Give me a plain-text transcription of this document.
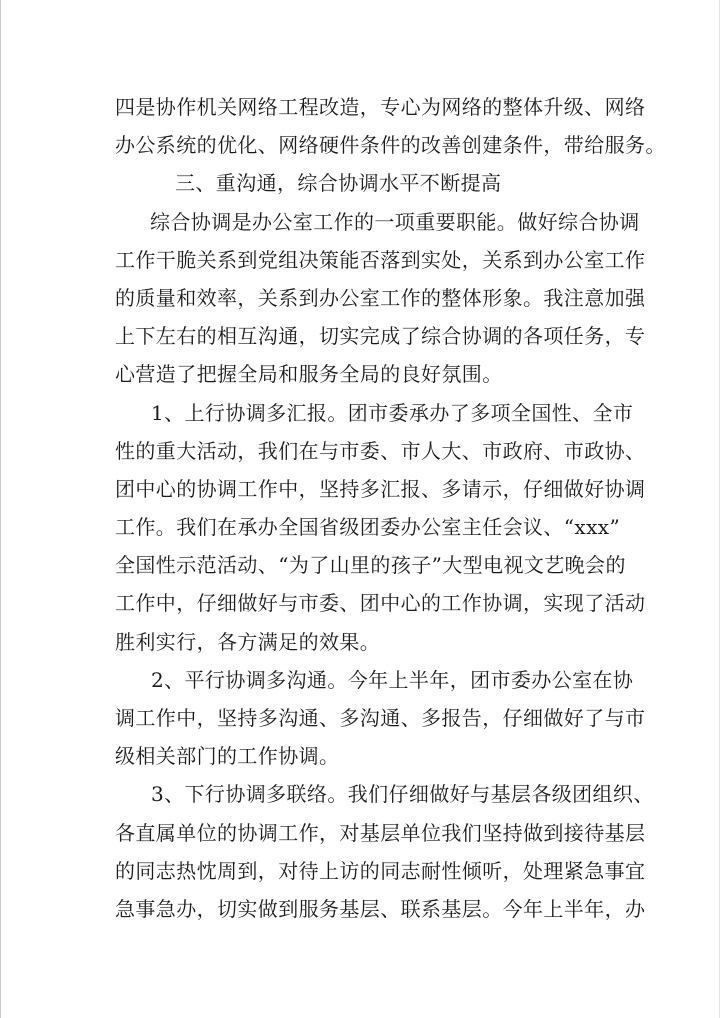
四是协作机关网络工程改造，专心为网络的整体升级、网络
办公系统的优化、网络硬件条件的改善创建条件，带给服务。
三、重沟通，综合协调水平不断提高
综合协调是办公室工作的一项重要职能。做好综合协调
工作干脆关系到党组决策能否落到实处，关系到办公室工作
的质量和效率，关系到办公室工作的整体形象。我注意加强
上下左右的相互沟通，切实完成了综合协调的各项任务，专
心营造了把握全局和服务全局的良好氛围。
1、上行协调多汇报。团市委承办了多项全国性、全市
性的重大活动，我们在与市委、市人大、市政府、市政协、
团中心的协调工作中，坚持多汇报、多请示，仔细做好协调
工作。我们在承办全国省级团委办公室主任会议、“xxx”
全国性示范活动、“为了山里的孩子”大型电视文艺晚会的
工作中，仔细做好与市委、团中心的工作协调，实现了活动
胜利实行，各方满足的效果。
2、平行协调多沟通。今年上半年，团市委办公室在协
调工作中，坚持多沟通、多沟通、多报告，仔细做好了与市
级相关部门的工作协调。
3、下行协调多联络。我们仔细做好与基层各级团组织、
各直属单位的协调工作，对基层单位我们坚持做到接待基层
的同志热忱周到，对待上访的同志耐性倾听，处理紧急事宜
急事急办，切实做到服务基层、联系基层。今年上半年，办
